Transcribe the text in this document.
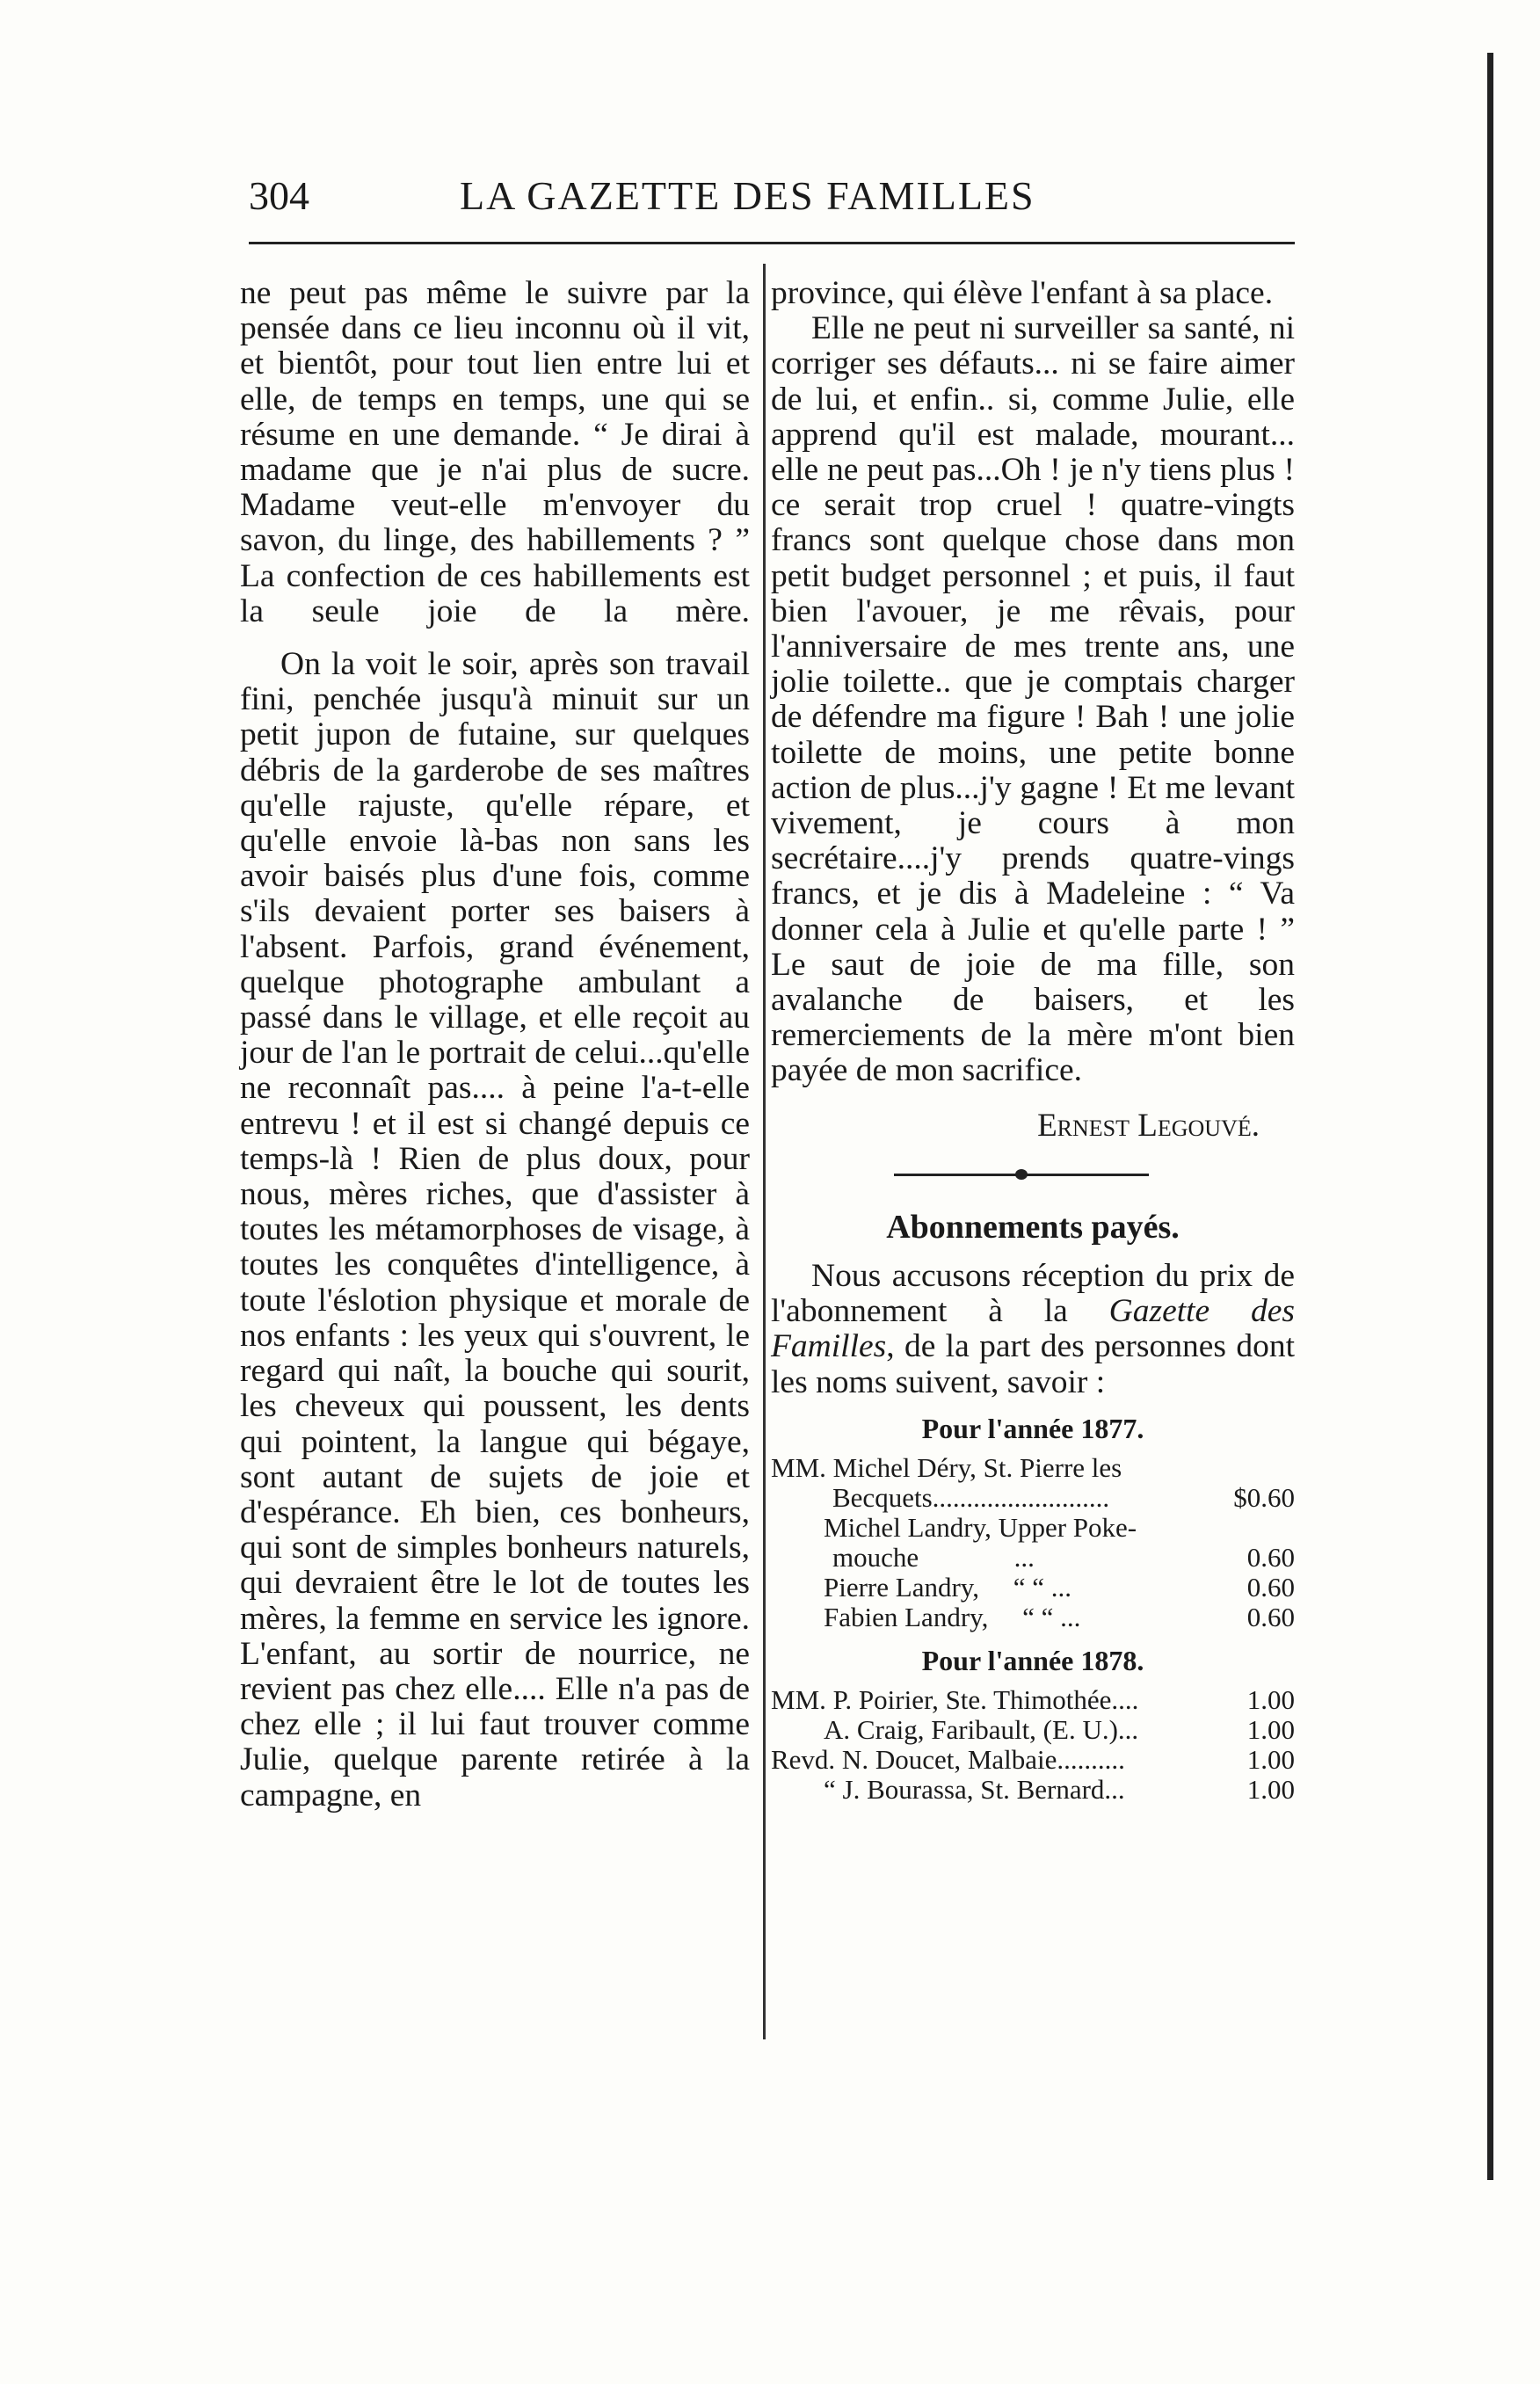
304	LA GAZETTE DES FAMILLES

ne peut pas même le suivre par la pensée dans ce lieu inconnu où il vit, et bientôt, pour tout lien entre lui et elle, de temps en temps, une qui se résume en une demande. “ Je dirai à madame que je n'ai plus de sucre. Madame veut-elle m'envoyer du savon, du linge, des habillements ? ” La confection de ces habillements est la seule joie de la mère.

On la voit le soir, après son travail fini, penchée jusqu'à minuit sur un petit jupon de futaine, sur quelques débris de la garderobe de ses maîtres qu'elle rajuste, qu'elle répare, et qu'elle envoie là-bas non sans les avoir baisés plus d'une fois, comme s'ils devaient porter ses baisers à l'absent. Parfois, grand événement, quelque photographe ambulant a passé dans le village, et elle reçoit au jour de l'an le portrait de celui...qu'elle ne reconnaît pas.... à peine l'a-t-elle entrevu ! et il est si changé depuis ce temps-là ! Rien de plus doux, pour nous, mères riches, que d'assister à toutes les métamorphoses de visage, à toutes les conquêtes d'intelligence, à toute l'éslotion physique et morale de nos enfants : les yeux qui s'ouvrent, le regard qui naît, la bouche qui sourit, les cheveux qui poussent, les dents qui pointent, la langue qui bégaye, sont autant de sujets de joie et d'espérance. Eh bien, ces bonheurs, qui sont de simples bonheurs naturels, qui devraient être le lot de toutes les mères, la femme en service les ignore. L'enfant, au sortir de nourrice, ne revient pas chez elle.... Elle n'a pas de chez elle ; il lui faut trouver comme Julie, quelque parente retirée à la campagne, en

province, qui élève l'enfant à sa place.

Elle ne peut ni surveiller sa santé, ni corriger ses défauts... ni se faire aimer de lui, et enfin.. si, comme Julie, elle apprend qu'il est malade, mourant... elle ne peut pas...Oh ! je n'y tiens plus ! ce serait trop cruel ! quatre-vingts francs sont quelque chose dans mon petit budget personnel ; et puis, il faut bien l'avouer, je me rêvais, pour l'anniversaire de mes trente ans, une jolie toilette.. que je comptais charger de défendre ma figure ! Bah ! une jolie toilette de moins, une petite bonne action de plus...j'y gagne ! Et me levant vivement, je cours à mon secrétaire....j'y prends quatre-vings francs, et je dis à Madeleine : “ Va donner cela à Julie et qu'elle parte ! ” Le saut de joie de ma fille, son avalanche de baisers, et les remerciements de la mère m'ont bien payée de mon sacrifice.

Ernest Legouvé.
Abonnements payés.

Nous accusons réception du prix de l'abonnement à la Gazette des Familles, de la part des personnes dont les noms suivent, savoir :

Pour l'année 1877.
MM. Michel Déry, St. Pierre les
Becquets..........................	$0.60
Michel Landry, Upper Poke-
mouche              ...	0.60
Pierre Landry, “ “ ...	0.60
Fabien Landry, “ “ ...	0.60
Pour l'année 1878.
MM. P. Poirier, Ste. Thimothée....	1.00
A. Craig, Faribault, (E. U.)...	1.00
Revd. N. Doucet, Malbaie..........	1.00
“ J. Bourassa, St. Bernard...	1.00
